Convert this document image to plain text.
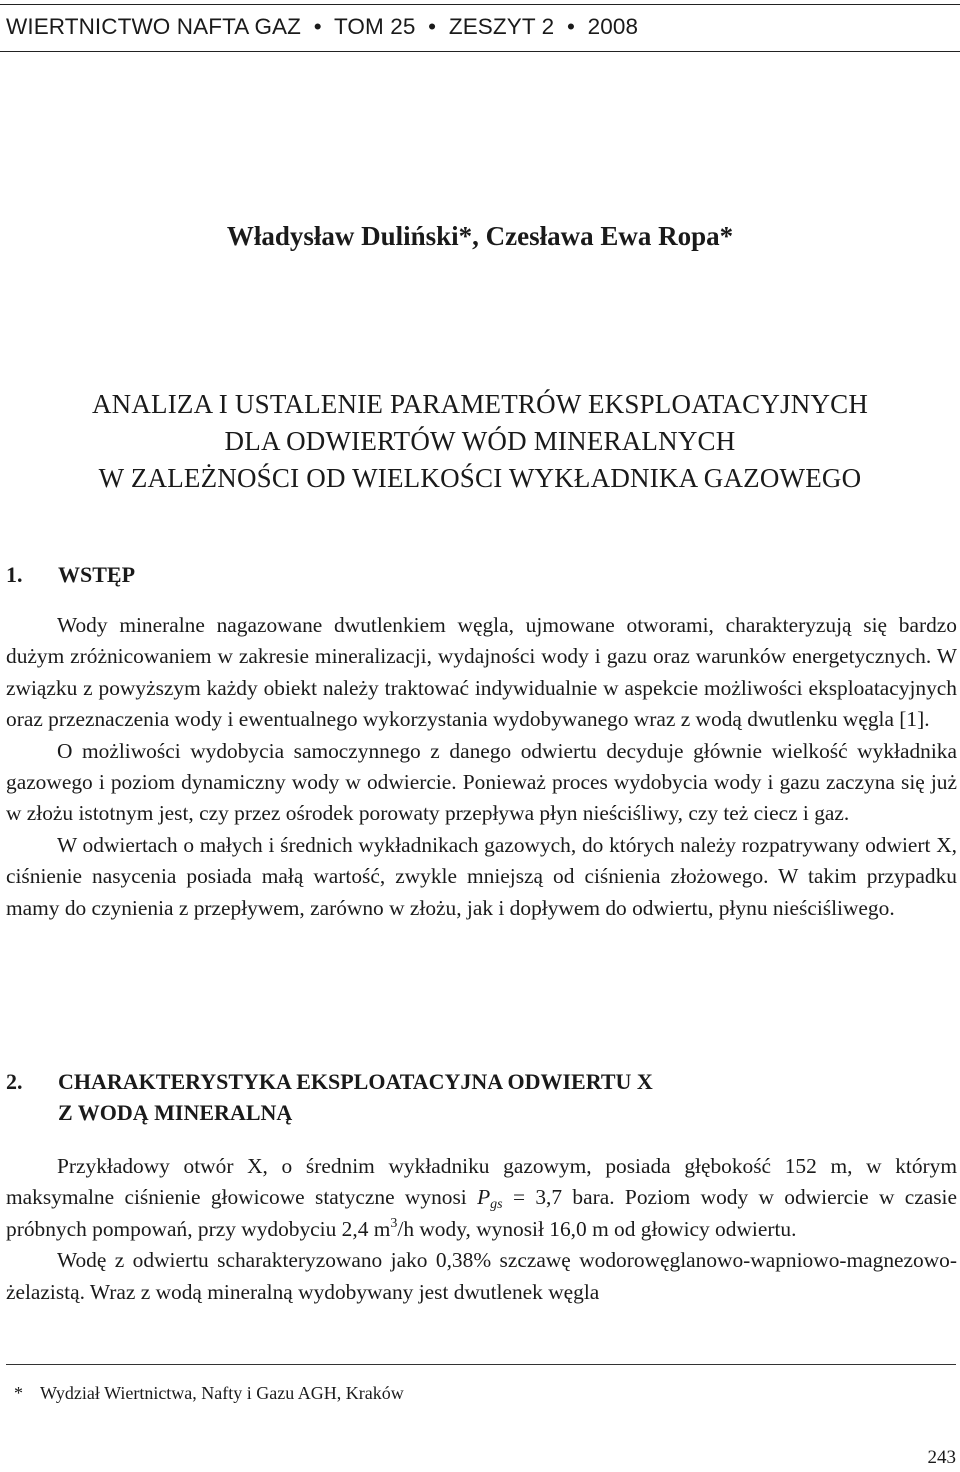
WIERTNICTWO NAFTA GAZ • TOM 25 • ZESZYT 2 • 2008
Władysław Duliński*, Czesława Ewa Ropa*
ANALIZA I USTALENIE PARAMETRÓW EKSPLOATACYJNYCH
DLA ODWIERTÓW WÓD MINERALNYCH
W ZALEŻNOŚCI OD WIELKOŚCI WYKŁADNIKA GAZOWEGO
1. WSTĘP

Wody mineralne nagazowane dwutlenkiem węgla, ujmowane otworami, charakteryzują się bardzo dużym zróżnicowaniem w zakresie mineralizacji, wydajności wody i gazu oraz warunków energetycznych. W związku z powyższym każdy obiekt należy traktować indywidualnie w aspekcie możliwości eksploatacyjnych oraz przeznaczenia wody i ewentualnego wykorzystania wydobywanego wraz z wodą dwutlenku węgla [1].

O możliwości wydobycia samoczynnego z danego odwiertu decyduje głównie wielkość wykładnika gazowego i poziom dynamiczny wody w odwiercie. Ponieważ proces wydobycia wody i gazu zaczyna się już w złożu istotnym jest, czy przez ośrodek porowaty przepływa płyn nieściśliwy, czy też ciecz i gaz.

W odwiertach o małych i średnich wykładnikach gazowych, do których należy rozpatrywany odwiert X, ciśnienie nasycenia posiada małą wartość, zwykle mniejszą od ciśnienia złożowego. W takim przypadku mamy do czynienia z przepływem, zarówno w złożu, jak i dopływem do odwiertu, płynu nieściśliwego.

2. CHARAKTERYSTYKA EKSPLOATACYJNA ODWIERTU X
Z WODĄ MINERALNĄ

Przykładowy otwór X, o średnim wykładniku gazowym, posiada głębokość 152 m, w którym maksymalne ciśnienie głowicowe statyczne wynosi $P_{gs} = 3,7$ bara. Poziom wody w odwiercie w czasie próbnych pompowań, przy wydobyciu 2,4 $m^3/h$ wody, wynosił 16,0 m od głowicy odwiertu.

Wodę z odwiertu scharakteryzowano jako 0,38% szczawę wodorowęglanowo-wapniowo-magnezowo-żelazistą. Wraz z wodą mineralną wydobywany jest dwutlenek węgla

* Wydział Wiertnictwa, Nafty i Gazu AGH, Kraków
243
